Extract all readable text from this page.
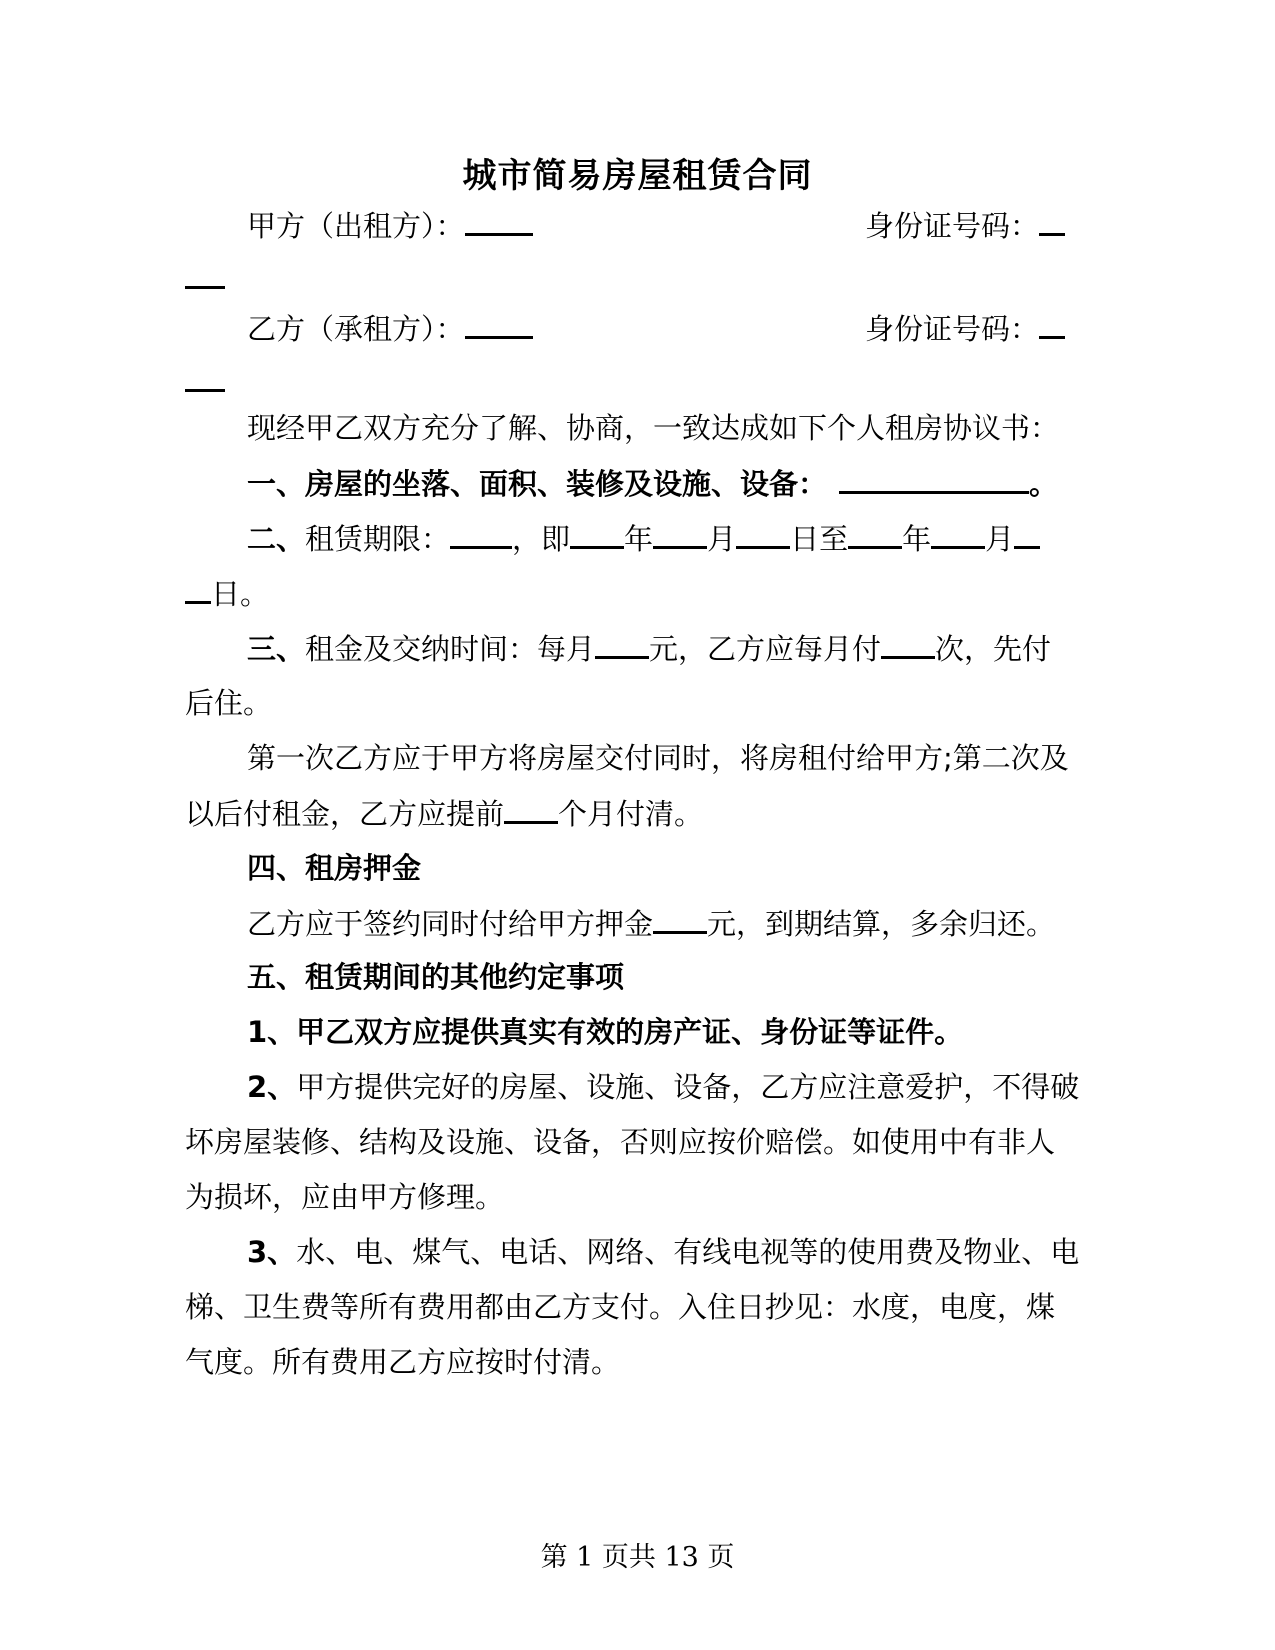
城市简易房屋租赁合同
甲方（出租方）：	身份证号码：
乙方（承租方）：	身份证号码：
现经甲乙双方充分了解、协商，一致达成如下个人租房协议书：
一、房屋的坐落、面积、装修及设施、设备：	。
二、租赁期限： ，即 年 月 日至 年 月
日。
三、租金及交纳时间：每月 元，乙方应每月付 次，先付
后住。
第一次乙方应于甲方将房屋交付同时，将房租付给甲方;第二次及
以后付租金，乙方应提前 个月付清。
四、租房押金
乙方应于签约同时付给甲方押金 元，到期结算，多余归还。
五、租赁期间的其他约定事项
1、甲乙双方应提供真实有效的房产证、身份证等证件。
2、甲方提供完好的房屋、设施、设备，乙方应注意爱护，不得破
坏房屋装修、结构及设施、设备，否则应按价赔偿。如使用中有非人
为损坏，应由甲方修理。
3、水、电、煤气、电话、网络、有线电视等的使用费及物业、电
梯、卫生费等所有费用都由乙方支付。入住日抄见：水度，电度，煤
气度。所有费用乙方应按时付清。
第 1 页共 13 页
